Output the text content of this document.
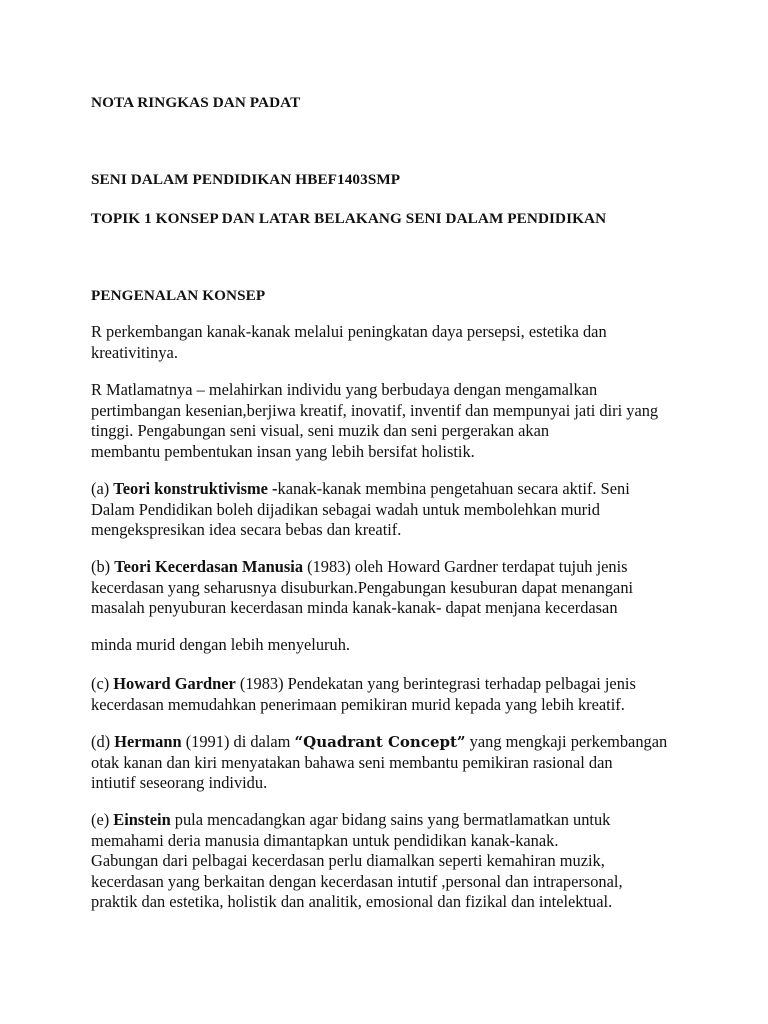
NOTA RINGKAS DAN PADAT

SENI DALAM PENDIDIKAN HBEF1403SMP

TOPIK 1 KONSEP DAN LATAR BELAKANG SENI DALAM PENDIDIKAN

PENGENALAN KONSEP

R perkembangan kanak-kanak melalui peningkatan daya persepsi, estetika dan
kreativitinya.

R Matlamatnya – melahirkan individu yang berbudaya dengan mengamalkan
pertimbangan kesenian,berjiwa kreatif, inovatif, inventif dan mempunyai jati diri yang
tinggi. Pengabungan seni visual, seni muzik dan seni pergerakan akan
membantu pembentukan insan yang lebih bersifat holistik.

(a) Teori konstruktivisme -kanak-kanak membina pengetahuan secara aktif. Seni
Dalam Pendidikan boleh dijadikan sebagai wadah untuk membolehkan murid
mengekspresikan idea secara bebas dan kreatif.

(b) Teori Kecerdasan Manusia (1983) oleh Howard Gardner terdapat tujuh jenis
kecerdasan yang seharusnya disuburkan.Pengabungan kesuburan dapat menangani
masalah penyuburan kecerdasan minda kanak-kanak- dapat menjana kecerdasan

minda murid dengan lebih menyeluruh.

(c) Howard Gardner (1983) Pendekatan yang berintegrasi terhadap pelbagai jenis
kecerdasan memudahkan penerimaan pemikiran murid kepada yang lebih kreatif.

(d) Hermann (1991) di dalam “Quadrant Concept” yang mengkaji perkembangan
otak kanan dan kiri menyatakan bahawa seni membantu pemikiran rasional dan
intiutif seseorang individu.

(e) Einstein pula mencadangkan agar bidang sains yang bermatlamatkan untuk
memahami deria manusia dimantapkan untuk pendidikan kanak-kanak.
Gabungan dari pelbagai kecerdasan perlu diamalkan seperti kemahiran muzik,
kecerdasan yang berkaitan dengan kecerdasan intutif ,personal dan intrapersonal,
praktik dan estetika, holistik dan analitik, emosional dan fizikal dan intelektual.
